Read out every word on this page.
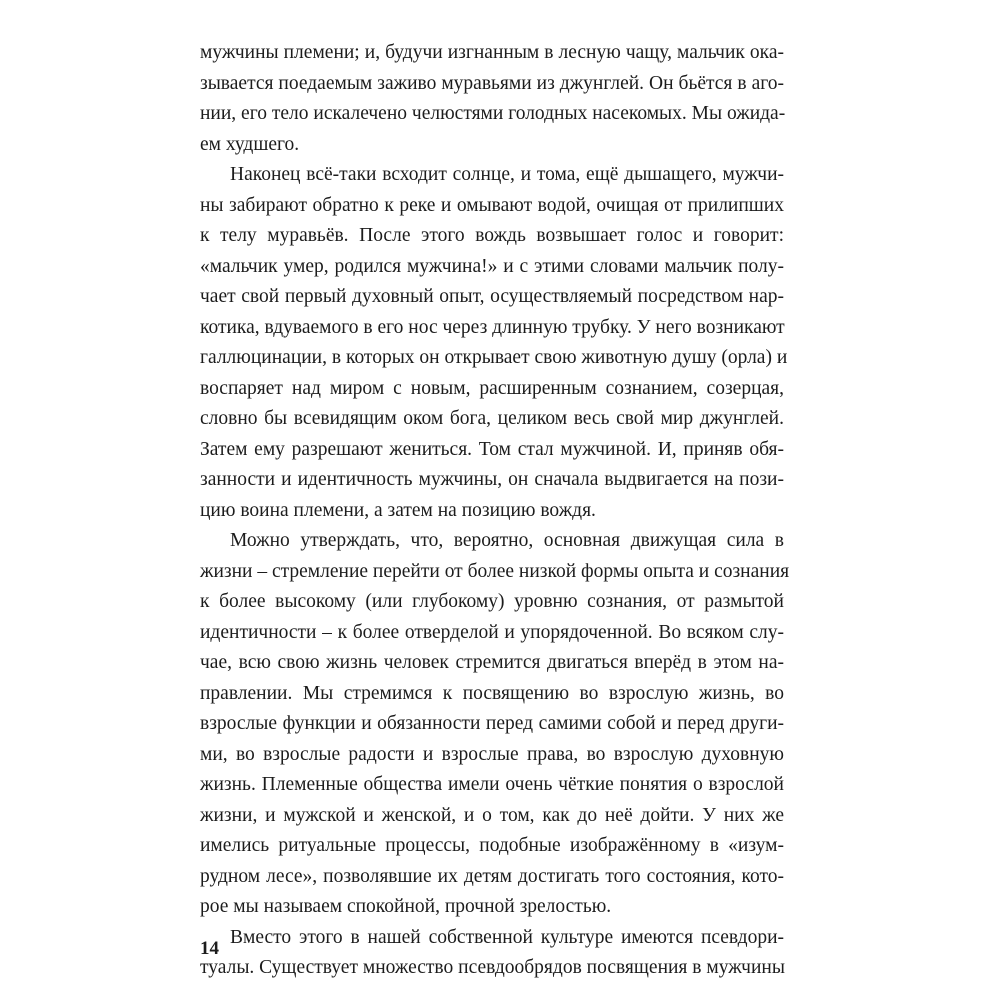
мужчины племени; и, будучи изгнанным в лесную чащу, мальчик ока-
зывается поедаемым заживо муравьями из джунглей. Он бьётся в аго-
нии, его тело искалечено челюстями голодных насекомых. Мы ожида-
ем худшего.
Наконец всё-таки всходит солнце, и тома, ещё дышащего, мужчи-
ны забирают обратно к реке и омывают водой, очищая от прилипших
к телу муравьёв. После этого вождь возвышает голос и говорит:
«мальчик умер, родился мужчина!» и с этими словами мальчик полу-
чает свой первый духовный опыт, осуществляемый посредством нар-
котика, вдуваемого в его нос через длинную трубку. У него возникают
галлюцинации, в которых он открывает свою животную душу (орла) и
воспаряет над миром с новым, расширенным сознанием, созерцая,
словно бы всевидящим оком бога, целиком весь свой мир джунглей.
Затем ему разрешают жениться. Том стал мужчиной. И, приняв обя-
занности и идентичность мужчины, он сначала выдвигается на пози-
цию воина племени, а затем на позицию вождя.
Можно утверждать, что, вероятно, основная движущая сила в
жизни – стремление перейти от более низкой формы опыта и сознания
к более высокому (или глубокому) уровню сознания, от размытой
идентичности – к более отверделой и упорядоченной. Во всяком слу-
чае, всю свою жизнь человек стремится двигаться вперёд в этом на-
правлении. Мы стремимся к посвящению во взрослую жизнь, во
взрослые функции и обязанности перед самими собой и перед други-
ми, во взрослые радости и взрослые права, во взрослую духовную
жизнь. Племенные общества имели очень чёткие понятия о взрослой
жизни, и мужской и женской, и о том, как до неё дойти. У них же
имелись ритуальные процессы, подобные изображённому в «изум-
рудном лесе», позволявшие их детям достигать того состояния, кото-
рое мы называем спокойной, прочной зрелостью.
Вместо этого в нашей собственной культуре имеются псевдори-
туалы. Существует множество псевдообрядов посвящения в мужчины
14
